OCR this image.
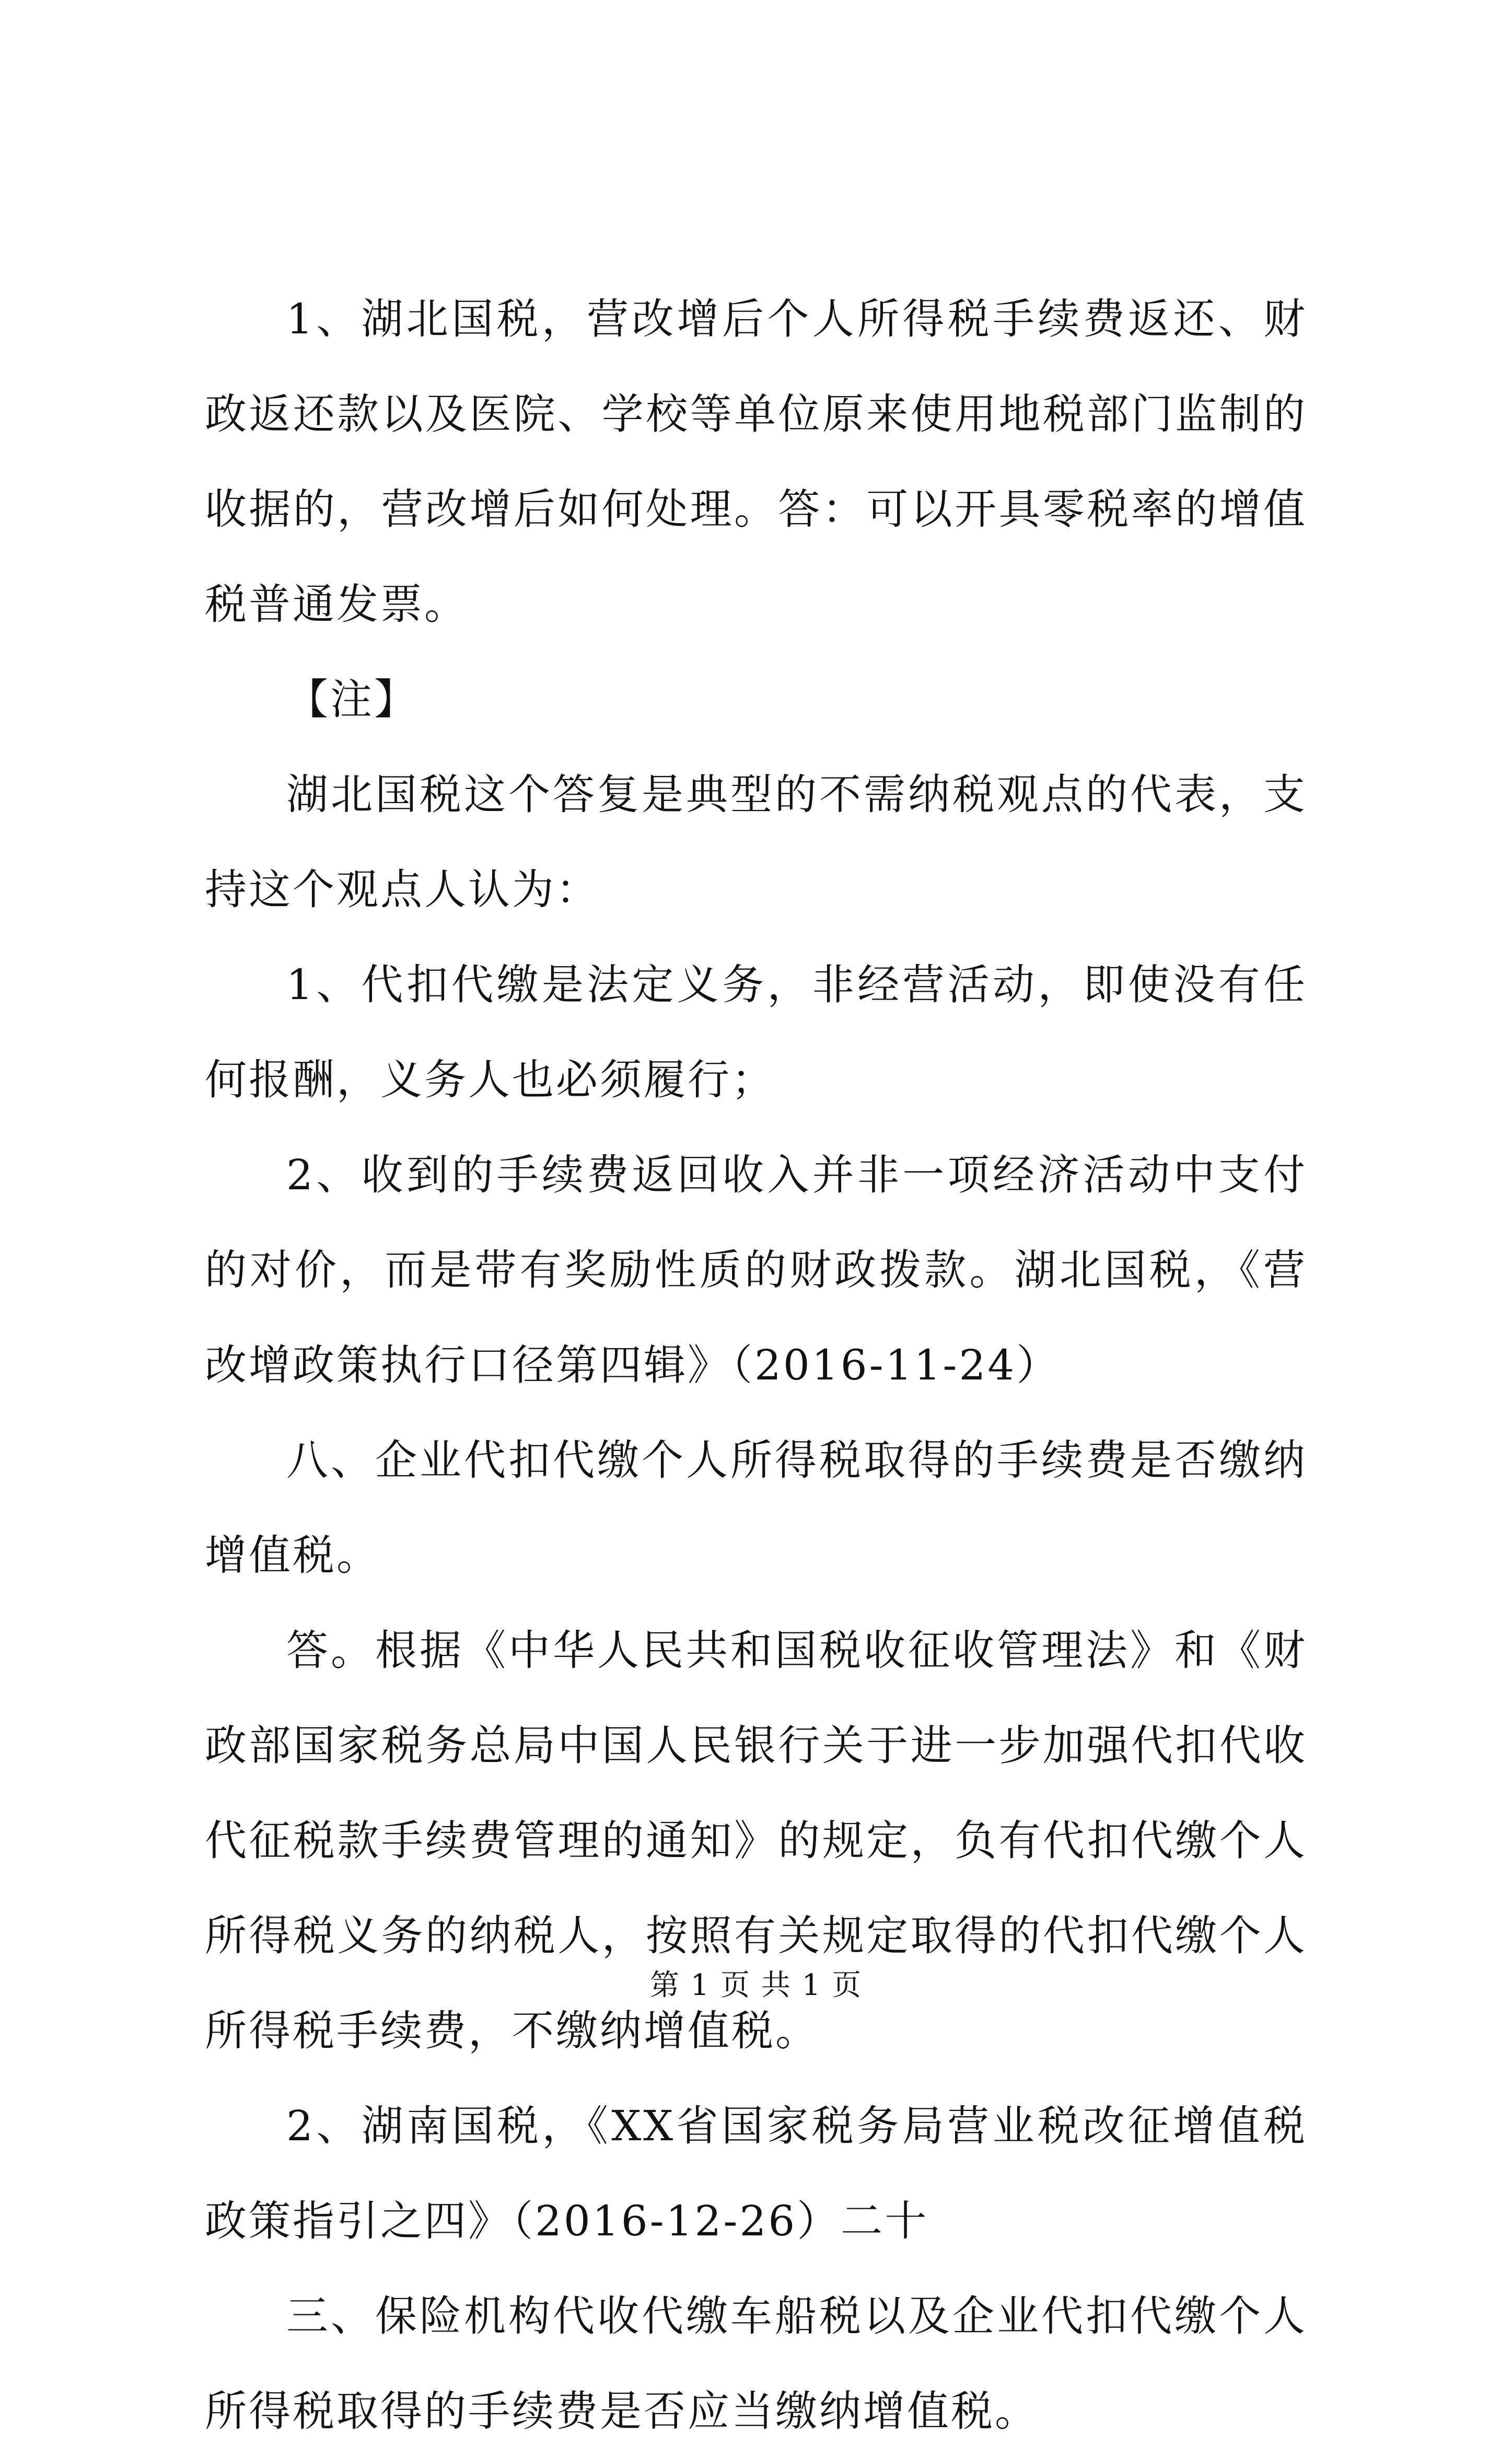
1、湖北国税，营改增后个人所得税手续费返还、财政返还款以及医院、学校等单位原来使用地税部门监制的收据的，营改增后如何处理。答：可以开具零税率的增值税普通发票。

【注】

湖北国税这个答复是典型的不需纳税观点的代表，支持这个观点人认为：

1、代扣代缴是法定义务，非经营活动，即使没有任何报酬，义务人也必须履行；

2、收到的手续费返回收入并非一项经济活动中支付的对价，而是带有奖励性质的财政拨款。湖北国税，《营改增政策执行口径第四辑》（2016-11-24）

八、企业代扣代缴个人所得税取得的手续费是否缴纳增值税。

答。根据《中华人民共和国税收征收管理法》和《财政部国家税务总局中国人民银行关于进一步加强代扣代收代征税款手续费管理的通知》的规定，负有代扣代缴个人所得税义务的纳税人，按照有关规定取得的代扣代缴个人所得税手续费，不缴纳增值税。

2、湖南国税，《XX省国家税务局营业税改征增值税政策指引之四》（2016-12-26）二十

三、保险机构代收代缴车船税以及企业代扣代缴个人所得税取得的手续费是否应当缴纳增值税。

第 1 页 共 1 页
